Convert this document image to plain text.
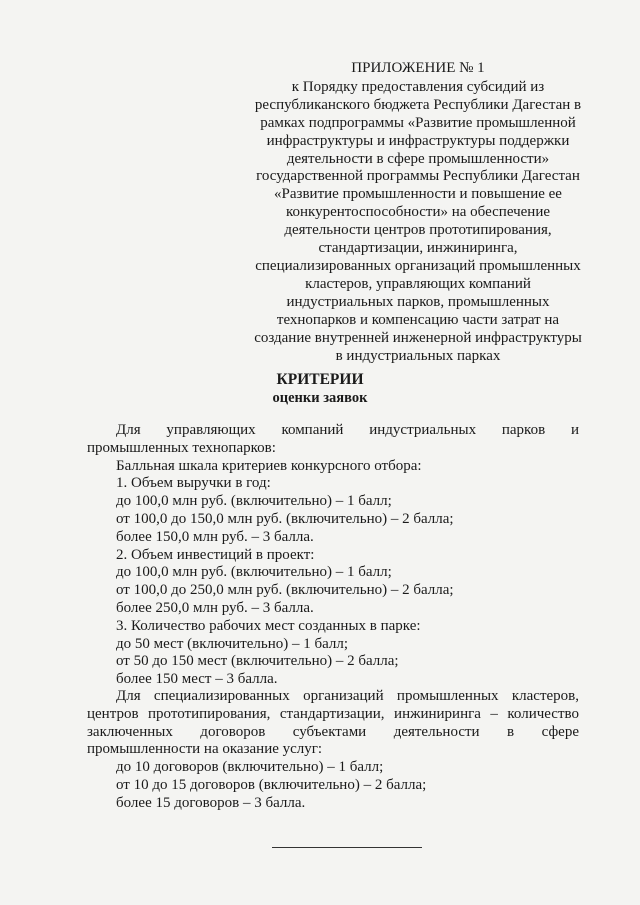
ПРИЛОЖЕНИЕ № 1
к Порядку предоставления субсидий из
республиканского бюджета Республики Дагестан в
рамках подпрограммы «Развитие промышленной
инфраструктуры и инфраструктуры поддержки
деятельности в сфере промышленности»
государственной программы Республики Дагестан
«Развитие промышленности и повышение ее
конкурентоспособности» на обеспечение
деятельности центров прототипирования,
стандартизации, инжиниринга,
специализированных организаций промышленных
кластеров, управляющих компаний
индустриальных парков, промышленных
технопарков и компенсацию части затрат на
создание внутренней инженерной инфраструктуры
в индустриальных парках
КРИТЕРИИ
оценки заявок
Для управляющих компаний индустриальных парков и
промышленных технопарков:
Балльная шкала критериев конкурсного отбора:
1. Объем выручки в год:
до 100,0 млн руб. (включительно) – 1 балл;
от 100,0 до 150,0 млн руб. (включительно) – 2 балла;
более 150,0 млн руб. – 3 балла.
2. Объем инвестиций в проект:
до 100,0 млн руб. (включительно) – 1 балл;
от 100,0 до 250,0 млн руб. (включительно) – 2 балла;
более 250,0 млн руб. – 3 балла.
3. Количество рабочих мест созданных в парке:
до 50 мест (включительно) – 1 балл;
от 50 до 150 мест (включительно) – 2 балла;
более 150 мест – 3 балла.
Для специализированных организаций промышленных кластеров,
центров прототипирования, стандартизации, инжиниринга – количество
заключенных договоров субъектами деятельности в сфере
промышленности на оказание услуг:
до 10 договоров (включительно) – 1 балл;
от 10 до 15 договоров (включительно) – 2 балла;
более 15 договоров – 3 балла.
